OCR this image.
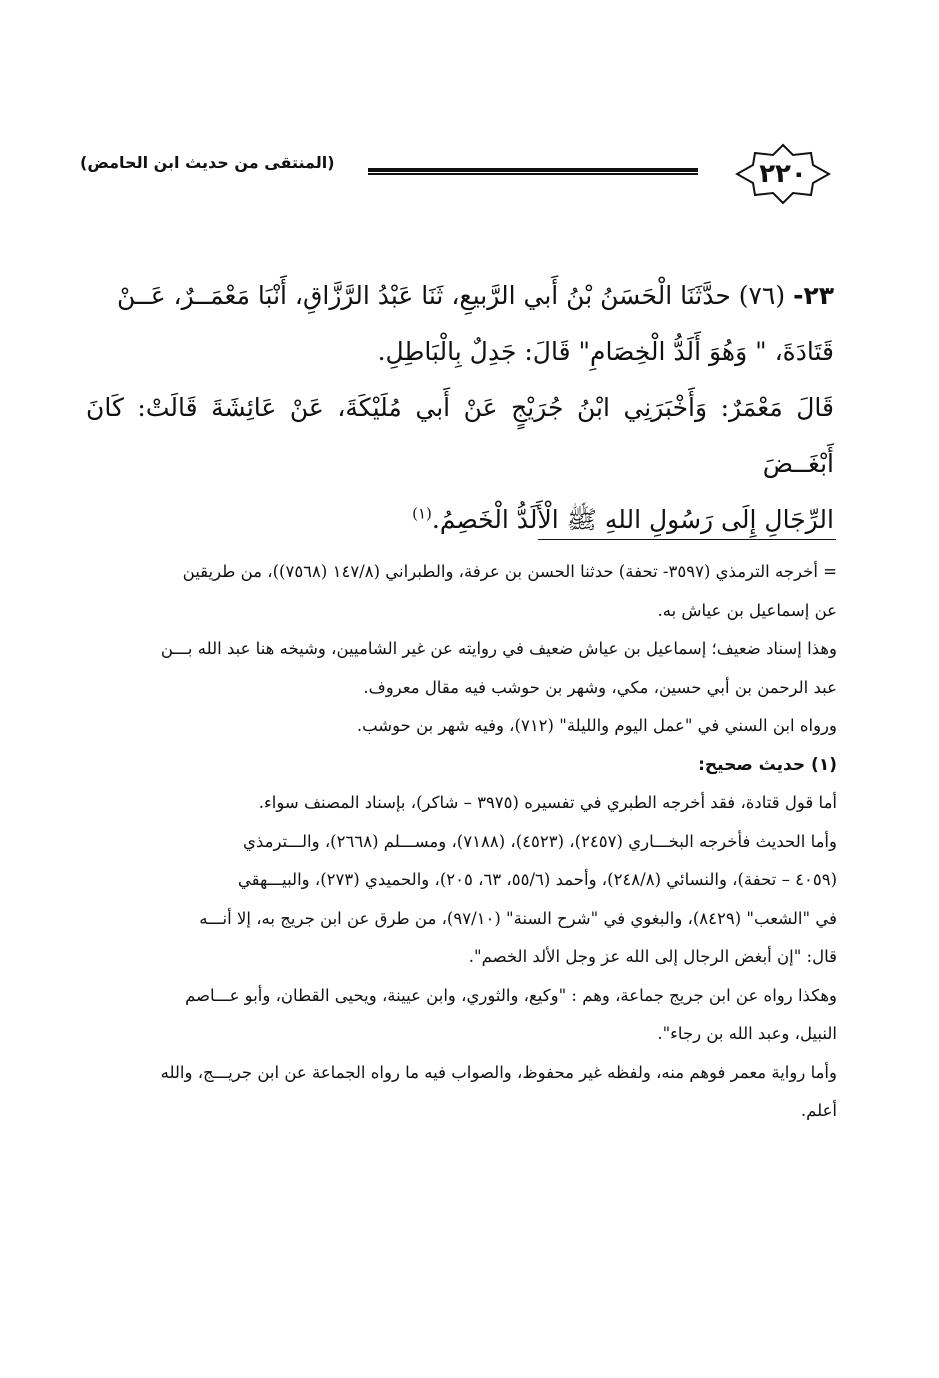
٢٢٠
(المنتقى من حديث ابن الحامض)

٢٣- (٧٦) حدَّثَنَا الْحَسَنُ بْنُ أَبي الرَّبيعِ، ثَنَا عَبْدُ الرَّزَّاقِ، أَنْبَا مَعْمَــرٌ، عَــنْ

قَتَادَةَ، " وَهُوَ أَلَدُّ الْخِصَامِ" قَالَ: جَدِلٌ بِالْبَاطِلِ.

قَالَ مَعْمَرٌ: وَأَخْبَرَنِي ابْنُ جُرَيْجٍ عَنْ أَبي مُلَيْكَةَ، عَنْ عَائِشَةَ قَالَتْ: كَانَ أَبْغَــضَ

الرِّجَالِ إِلَى رَسُولِ اللهِ ﷺ الْأَلَدُّ الْخَصِمُ.$^{(١)}$

= أخرجه الترمذي (٣٥٩٧- تحفة) حدثنا الحسن بن عرفة، والطبراني (١٤٧/٨ (٧٥٦٨))، من طريقين

عن إسماعيل بن عياش به.

وهذا إسناد ضعيف؛ إسماعيل بن عياش ضعيف في روايته عن غير الشاميين، وشيخه هنا عبد الله بـــن

عبد الرحمن بن أبي حسين، مكي، وشهر بن حوشب فيه مقال معروف.

ورواه ابن السني في "عمل اليوم والليلة" (٧١٢)، وفيه شهر بن حوشب.

(١) حديث صحيح:

أما قول قتادة، فقد أخرجه الطبري في تفسيره (٣٩٧٥ – شاكر)، بإسناد المصنف سواء.

وأما الحديث فأخرجه البخـــاري (٢٤٥٧)، (٤٥٢٣)، (٧١٨٨)، ومســـلم (٢٦٦٨)، والـــترمذي

(٤٠٥٩ – تحفة)، والنسائي (٢٤٨/٨)، وأحمد (٥٥/٦، ٦٣، ٢٠٥)، والحميدي (٢٧٣)، والبيـــهقي

في "الشعب" (٨٤٢٩)، والبغوي في "شرح السنة" (٩٧/١٠)، من طرق عن ابن جريج به، إلا أنـــه

قال: "إن أبغض الرجال إلى الله عز وجل الألد الخصم".

وهكذا رواه عن ابن جريج جماعة، وهم : "وكيع، والثوري، وابن عيينة، ويحيى القطان، وأبو عـــاصم

النبيل، وعبد الله بن رجاء".

وأما رواية معمر فوهم منه، ولفظه غير محفوظ، والصواب فيه ما رواه الجماعة عن ابن جريـــج، والله

أعلم.
